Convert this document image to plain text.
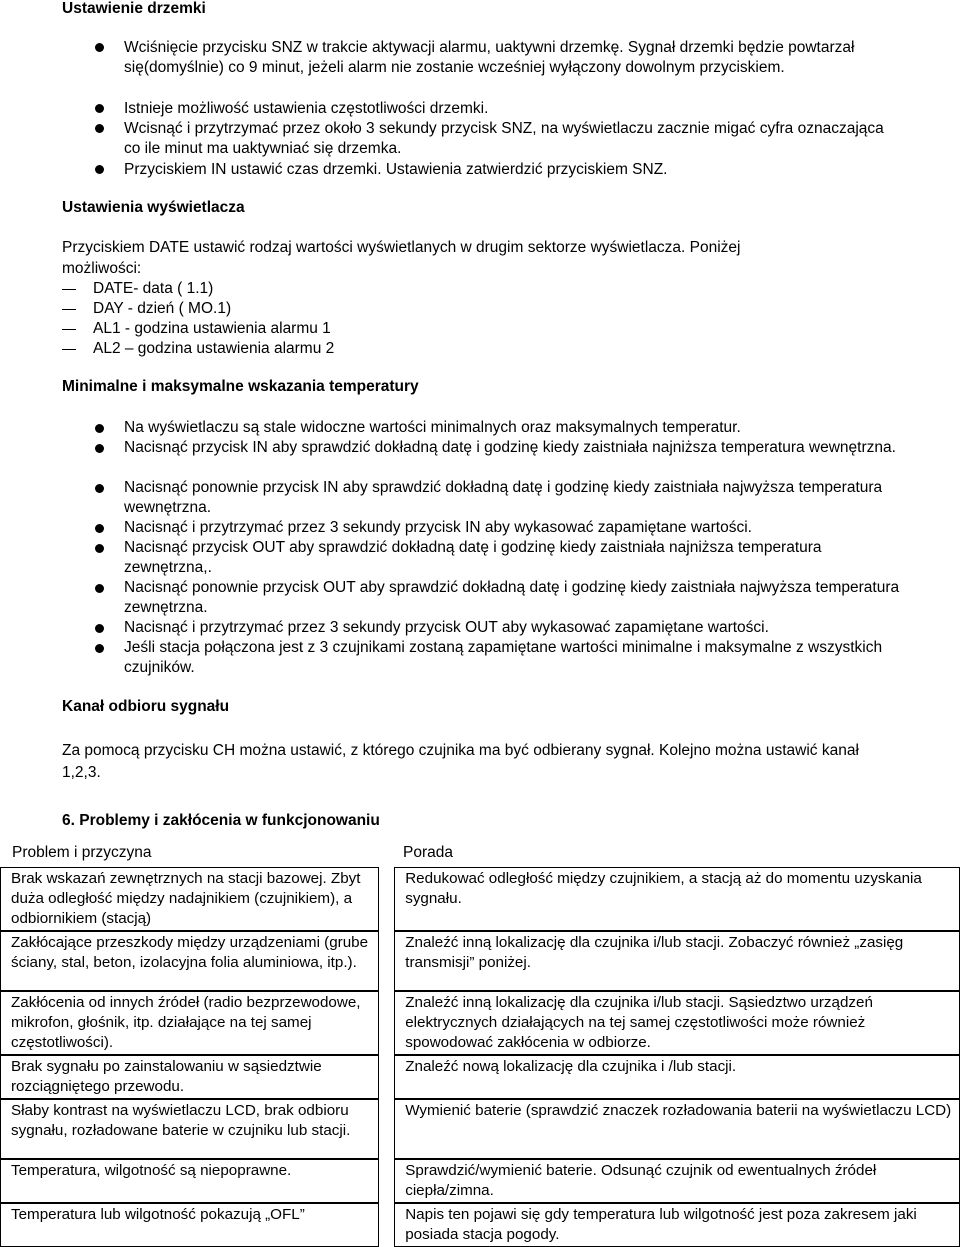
Ustawienie drzemki
Wciśnięcie przycisku SNZ w trakcie aktywacji alarmu, uaktywni drzemkę. Sygnał drzemki będzie powtarzał się(domyślnie) co 9 minut, jeżeli alarm nie zostanie wcześniej wyłączony dowolnym przyciskiem.
Istnieje możliwość ustawienia częstotliwości drzemki.
Wcisnąć i przytrzymać przez około 3 sekundy przycisk SNZ, na wyświetlaczu zacznie migać cyfra oznaczająca co ile minut ma uaktywniać się drzemka.
Przyciskiem IN ustawić czas drzemki. Ustawienia zatwierdzić przyciskiem SNZ.
Ustawienia wyświetlacza
Przyciskiem DATE ustawić rodzaj wartości wyświetlanych w drugim sektorze wyświetlacza. Poniżej możliwości:
DATE- data ( 1.1)
DAY - dzień ( MO.1)
AL1 - godzina ustawienia alarmu 1
AL2 – godzina ustawienia alarmu 2
Minimalne i maksymalne wskazania temperatury
Na wyświetlaczu są stale widoczne wartości minimalnych oraz maksymalnych temperatur.
Nacisnąć przycisk IN aby sprawdzić dokładną datę i godzinę kiedy zaistniała najniższa temperatura wewnętrzna.
Nacisnąć ponownie przycisk IN aby sprawdzić dokładną datę i godzinę kiedy zaistniała najwyższa temperatura wewnętrzna.
Nacisnąć i przytrzymać przez 3 sekundy przycisk IN aby wykasować zapamiętane wartości.
Nacisnąć przycisk OUT aby sprawdzić dokładną datę i godzinę kiedy zaistniała najniższa temperatura zewnętrzna,.
Nacisnąć ponownie przycisk OUT aby sprawdzić dokładną datę i godzinę kiedy zaistniała najwyższa temperatura zewnętrzna.
Nacisnąć i przytrzymać przez 3 sekundy przycisk OUT aby wykasować zapamiętane wartości.
Jeśli stacja połączona jest z 3 czujnikami zostaną zapamiętane wartości minimalne i maksymalne z wszystkich czujników.
Kanał odbioru sygnału
Za pomocą przycisku CH można ustawić, z którego czujnika ma być odbierany sygnał. Kolejno można ustawić kanał 1,2,3.
6. Problemy i zakłócenia w funkcjonowaniu
Problem i przyczyna	Porada
Brak wskazań zewnętrznych na stacji bazowej. Zbyt duża odległość między nadajnikiem (czujnikiem), a odbiornikiem (stacją)		Redukować odległość między czujnikiem, a stacją aż do momentu uzyskania sygnału.
Zakłócające przeszkody między urządzeniami (grube ściany, stal, beton, izolacyjna folia aluminiowa, itp.).		Znaleźć inną lokalizację dla czujnika i/lub stacji. Zobaczyć również „zasięg transmisji” poniżej.
Zakłócenia od innych źródeł (radio bezprzewodowe, mikrofon, głośnik, itp. działające na tej samej częstotliwości).		Znaleźć inną lokalizację dla czujnika i/lub stacji. Sąsiedztwo urządzeń elektrycznych działających na tej samej częstotliwości może również spowodować zakłócenia w odbiorze.
Brak sygnału po zainstalowaniu w sąsiedztwie rozciągniętego przewodu.		Znaleźć nową lokalizację dla czujnika i /lub stacji.
Słaby kontrast na wyświetlaczu LCD, brak odbioru sygnału, rozładowane baterie w czujniku lub stacji.		Wymienić baterie (sprawdzić znaczek rozładowania baterii na wyświetlaczu LCD)
Temperatura, wilgotność są niepoprawne.		Sprawdzić/wymienić baterie. Odsunąć czujnik od ewentualnych źródeł ciepła/zimna.
Temperatura lub wilgotność pokazują „OFL”		Napis ten pojawi się gdy temperatura lub wilgotność jest poza zakresem jaki posiada stacja pogody.
